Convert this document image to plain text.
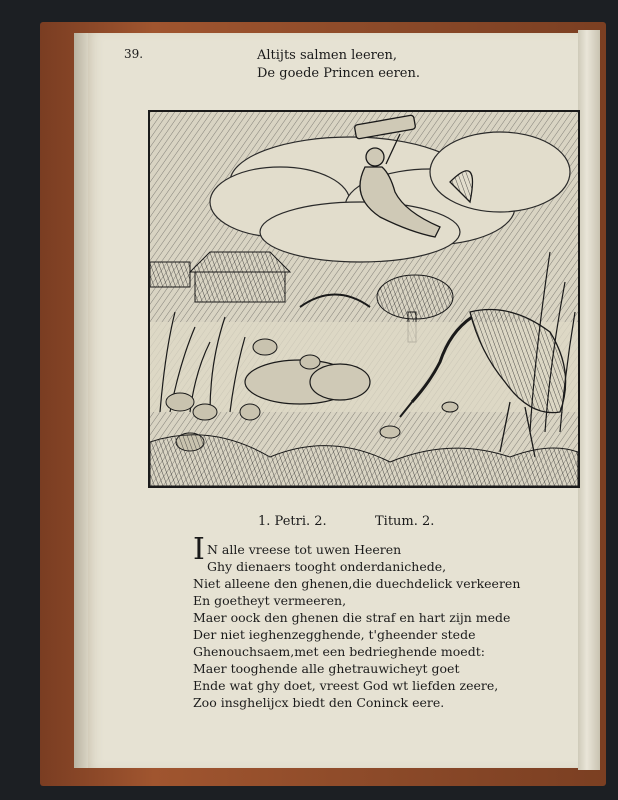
39.	Altijts salmen leeren,
De goede Princen eeren.
1. Petri. 2.	Titum. 2.
I N alle vreese tot uwen Heeren
Ghy dienaers tooght onderdanichede,
Niet alleene den ghenen,die duechdelick verkeeren
En goetheyt vermeeren,
Maer oock den ghenen die straf en hart zijn mede
Der niet ieghenzegghende, t'gheender stede
Ghenouchsaem,met een bedrieghende moedt:
Maer tooghende alle ghetrauwicheyt goet
Ende wat ghy doet, vreest God wt liefden zeere,
Zoo insghelijcx biedt den Coninck eere.
